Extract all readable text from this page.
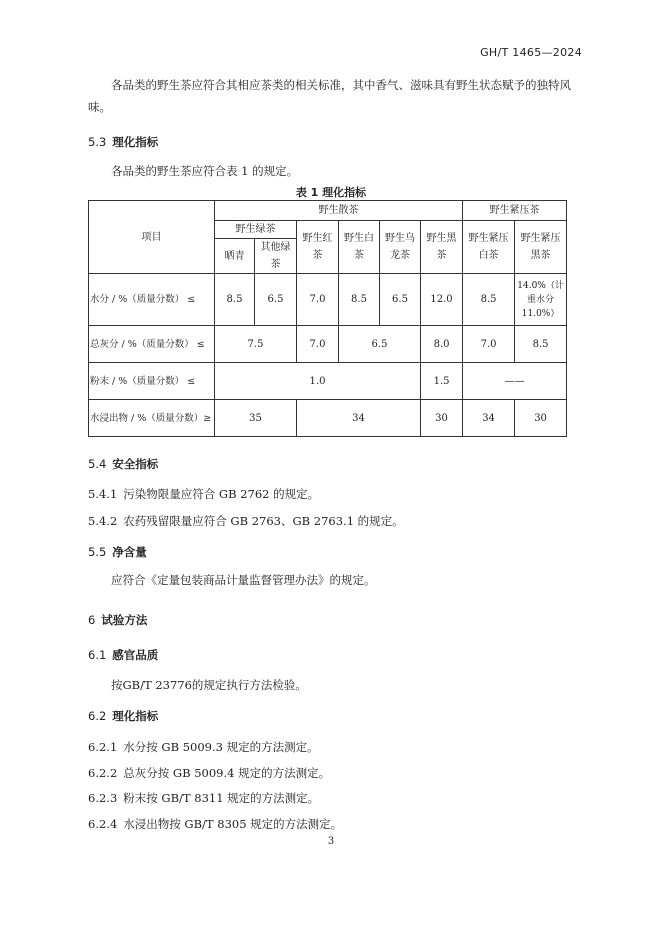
GH/T 1465—2024
各品类的野生茶应符合其相应茶类的相关标准，其中香气、滋味具有野生状态赋予的独特风味。
5.3 理化指标
各品类的野生茶应符合表 1 的规定。
表 1 理化指标
项目	野生散茶						野生紧压茶	
	野生绿茶		野生红茶	野生白茶	野生乌龙茶	野生黑茶	野生紧压白茶	野生紧压黑茶
	晒青	其他绿茶						
水分 / %（质量分数） ≤	8.5	6.5	7.0	8.5	6.5	12.0	8.5	14.0%（计重水分11.0%）
总灰分 / %（质量分数） ≤	7.5		7.0	6.5		8.0	7.0	8.5
粉末 / %（质量分数） ≤	1.0					1.5	——	
水浸出物 / %（质量分数）≥	35		34			30	34	30
5.4 安全指标
5.4.1 污染物限量应符合 GB 2762 的规定。
5.4.2 农药残留限量应符合 GB 2763、GB 2763.1 的规定。
5.5 净含量
应符合《定量包装商品计量监督管理办法》的规定。
6 试验方法
6.1 感官品质
按GB/T 23776的规定执行方法检验。
6.2 理化指标
6.2.1 水分按 GB 5009.3 规定的方法测定。
6.2.2 总灰分按 GB 5009.4 规定的方法测定。
6.2.3 粉末按 GB/T 8311 规定的方法测定。
6.2.4 水浸出物按 GB/T 8305 规定的方法测定。
3
